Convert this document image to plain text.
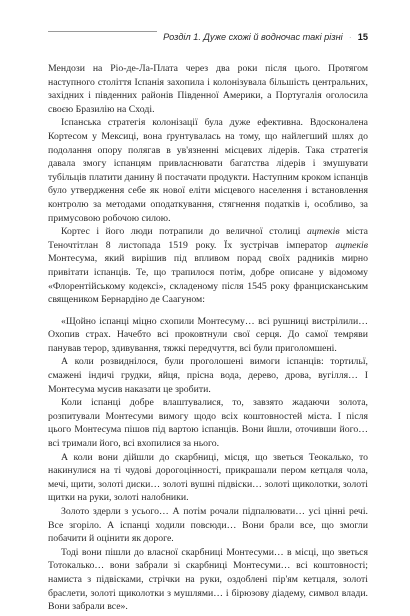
Розділ 1. Дуже схожі й водночас такі різні · 15

Мендози на Ріо-де-Ла-Плата через два роки після цього. Протягом наступного століття Іспанія захопила і колонізувала більшість центральних, західних і південних районів Південної Америки, а Португалія оголосила своєю Бразилію на Сході.

Іспанська стратегія колонізації була дуже ефективна. Вдосконалена Кортесом у Мексиці, вона ґрунтувалась на тому, що найлегший шлях до подолання опору полягав в ув'язненні місцевих лідерів. Така стратегія давала змогу іспанцям привласнювати багатства лідерів і змушувати тубільців платити данину й постачати продукти. Наступним кроком іспанців було утвердження себе як нової еліти місцевого населення і встановлення контролю за методами оподаткування, стягнення податків і, особливо, за примусовою робочою силою.

Кортес і його люди потрапили до величної столиці ацтеків міста Теночтітлан 8 листопада 1519 року. Їх зустрічав імператор ацтеків Монтесума, який вирішив під впливом порад своїх радників мирно привітати іспанців. Те, що трапилося потім, добре описане у відомому «Флорентійському кодексі», складеному після 1545 року францисканським священиком Бернардіно де Саагуном:

«Щойно іспанці міцно схопили Монтесуму… всі рушниці вистрілили… Охопив страх. Начебто всі проковтнули свої серця. До самої темряви панував терор, здивування, тяжкі передчуття, всі були приголомшені.

А коли розвиднілося, були проголошені вимоги іспанців: тортильї, смажені індичі грудки, яйця, прісна вода, дерево, дрова, вугілля… І Монтесума мусив наказати це зробити.

Коли іспанці добре влаштувалися, то, завзято жадаючи золота, розпитували Монтесуми вимогу щодо всіх коштовностей міста. І після цього Монтесума пішов під вартою іспанців. Вони йшли, оточивши його… всі тримали його, всі вхопилися за нього.

А коли вони дійшли до скарбниці, місця, що зветься Теокалько, то накинулися на ті чудові дорогоцінності, прикрашали пером кетцаля чола, мечі, щити, золоті диски… золоті вушні підвіски… золоті щиколотки, золоті щитки на руки, золоті налобники.

Золото здерли з усього… А потім рочали підпалювати… усі цінні речі. Все згоріло. А іспанці ходили повсюди… Вони брали все, що змогли побачити й оцінити як дороге.

Тоді вони пішли до власної скарбниці Монтесуми… в місці, що зветься Тотокалько… вони забрали зі скарбниці Монтесуми… всі коштовності; намиста з підвісками, стрічки на руки, оздоблені пір'ям кетцаля, золоті браслети, золоті щиколотки з мушлями… і бірюзову діадему, символ влади. Вони забрали все».
